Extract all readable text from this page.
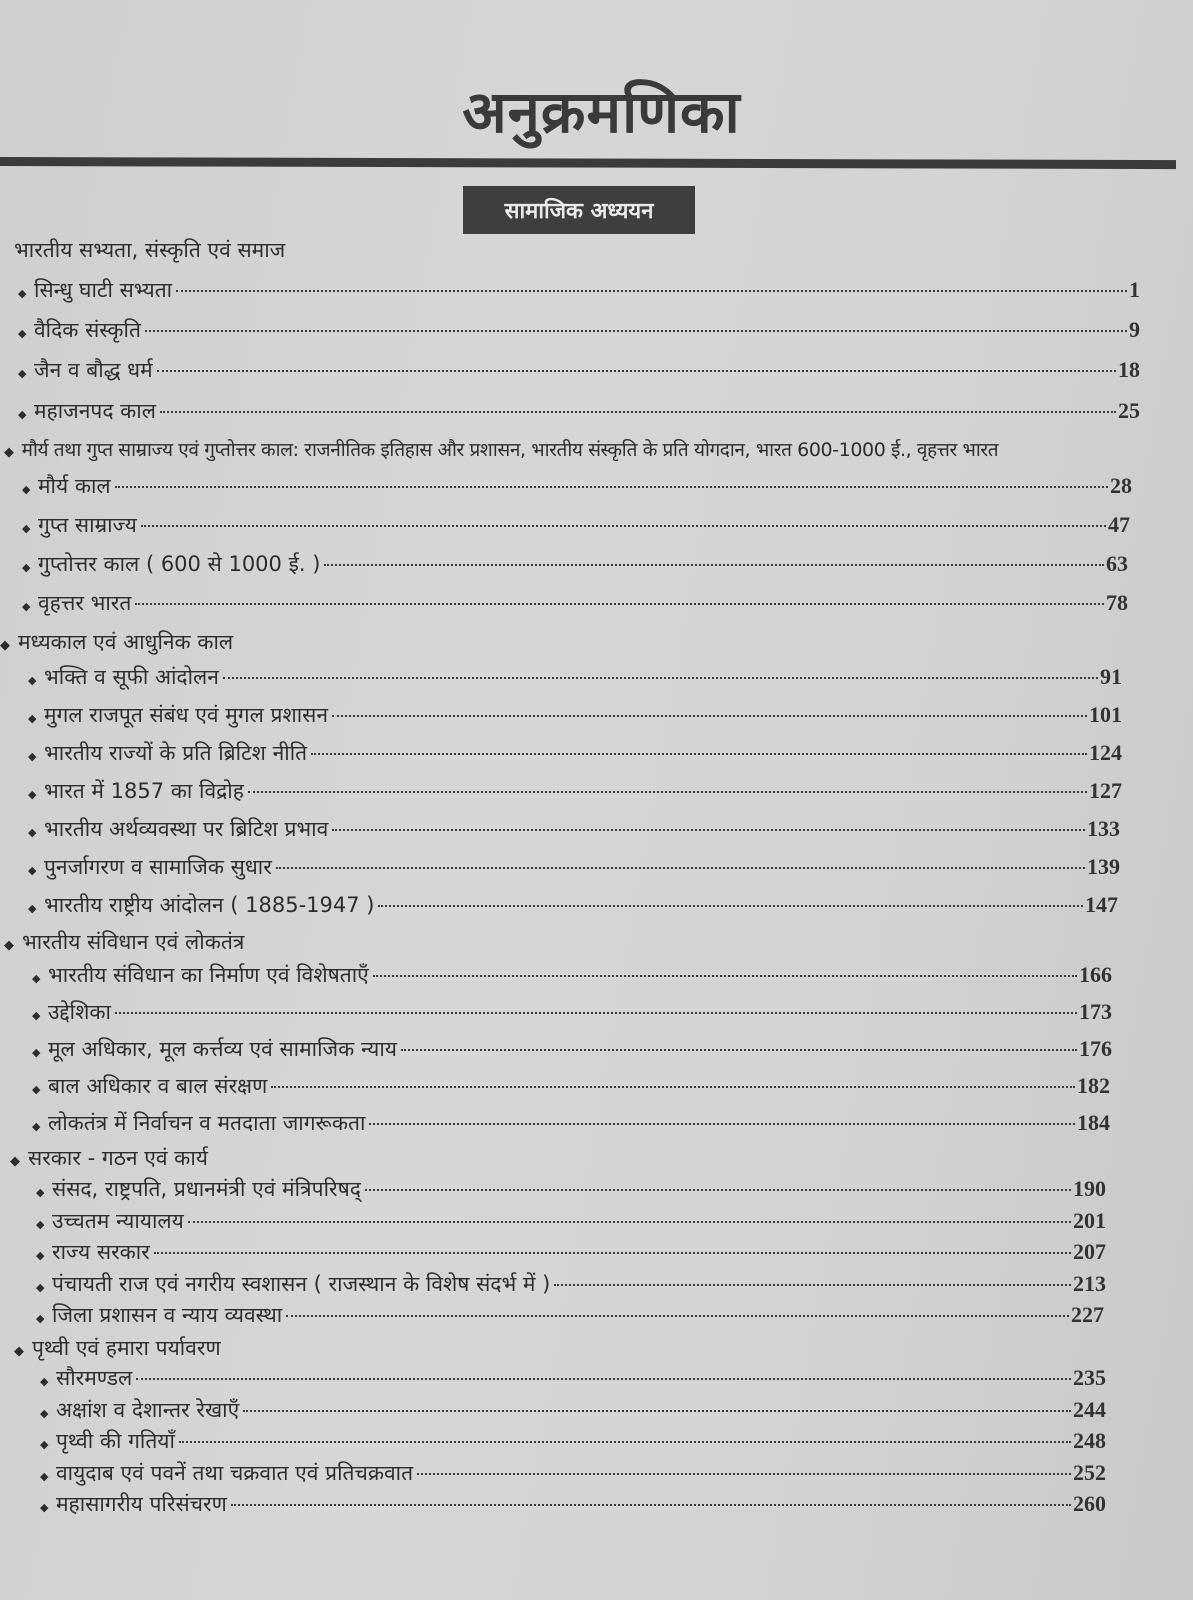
अनुक्रमणिका
सामाजिक अध्ययन
भारतीय सभ्यता, संस्कृति एवं समाज
◆ सिन्धु घाटी सभ्यता	1
◆ वैदिक संस्कृति	9
◆ जैन व बौद्ध धर्म	18
◆ महाजनपद काल	25
◆ मौर्य तथा गुप्त साम्राज्य एवं गुप्तोत्तर काल: राजनीतिक इतिहास और प्रशासन, भारतीय संस्कृति के प्रति योगदान, भारत 600-1000 ई., वृहत्तर भारत
◆ मौर्य काल	28
◆ गुप्त साम्राज्य	47
◆ गुप्तोत्तर काल ( 600 से 1000 ई. )	63
◆ वृहत्तर भारत	78
◆ मध्यकाल एवं आधुनिक काल
◆ भक्ति व सूफी आंदोलन	91
◆ मुगल राजपूत संबंध एवं मुगल प्रशासन	101
◆ भारतीय राज्यों के प्रति ब्रिटिश नीति	124
◆ भारत में 1857 का विद्रोह	127
◆ भारतीय अर्थव्यवस्था पर ब्रिटिश प्रभाव	133
◆ पुनर्जागरण व सामाजिक सुधार	139
◆ भारतीय राष्ट्रीय आंदोलन ( 1885-1947 )	147
◆ भारतीय संविधान एवं लोकतंत्र
◆ भारतीय संविधान का निर्माण एवं विशेषताएँ	166
◆ उद्देशिका	173
◆ मूल अधिकार, मूल कर्त्तव्य एवं सामाजिक न्याय	176
◆ बाल अधिकार व बाल संरक्षण	182
◆ लोकतंत्र में निर्वाचन व मतदाता जागरूकता	184
◆ सरकार - गठन एवं कार्य
◆ संसद, राष्ट्रपति, प्रधानमंत्री एवं मंत्रिपरिषद्	190
◆ उच्चतम न्यायालय	201
◆ राज्य सरकार	207
◆ पंचायती राज एवं नगरीय स्वशासन ( राजस्थान के विशेष संदर्भ में )	213
◆ जिला प्रशासन व न्याय व्यवस्था	227
◆ पृथ्वी एवं हमारा पर्यावरण
◆ सौरमण्डल	235
◆ अक्षांश व देशान्तर रेखाएँ	244
◆ पृथ्वी की गतियाँ	248
◆ वायुदाब एवं पवनें तथा चक्रवात एवं प्रतिचक्रवात	252
◆ महासागरीय परिसंचरण	260
